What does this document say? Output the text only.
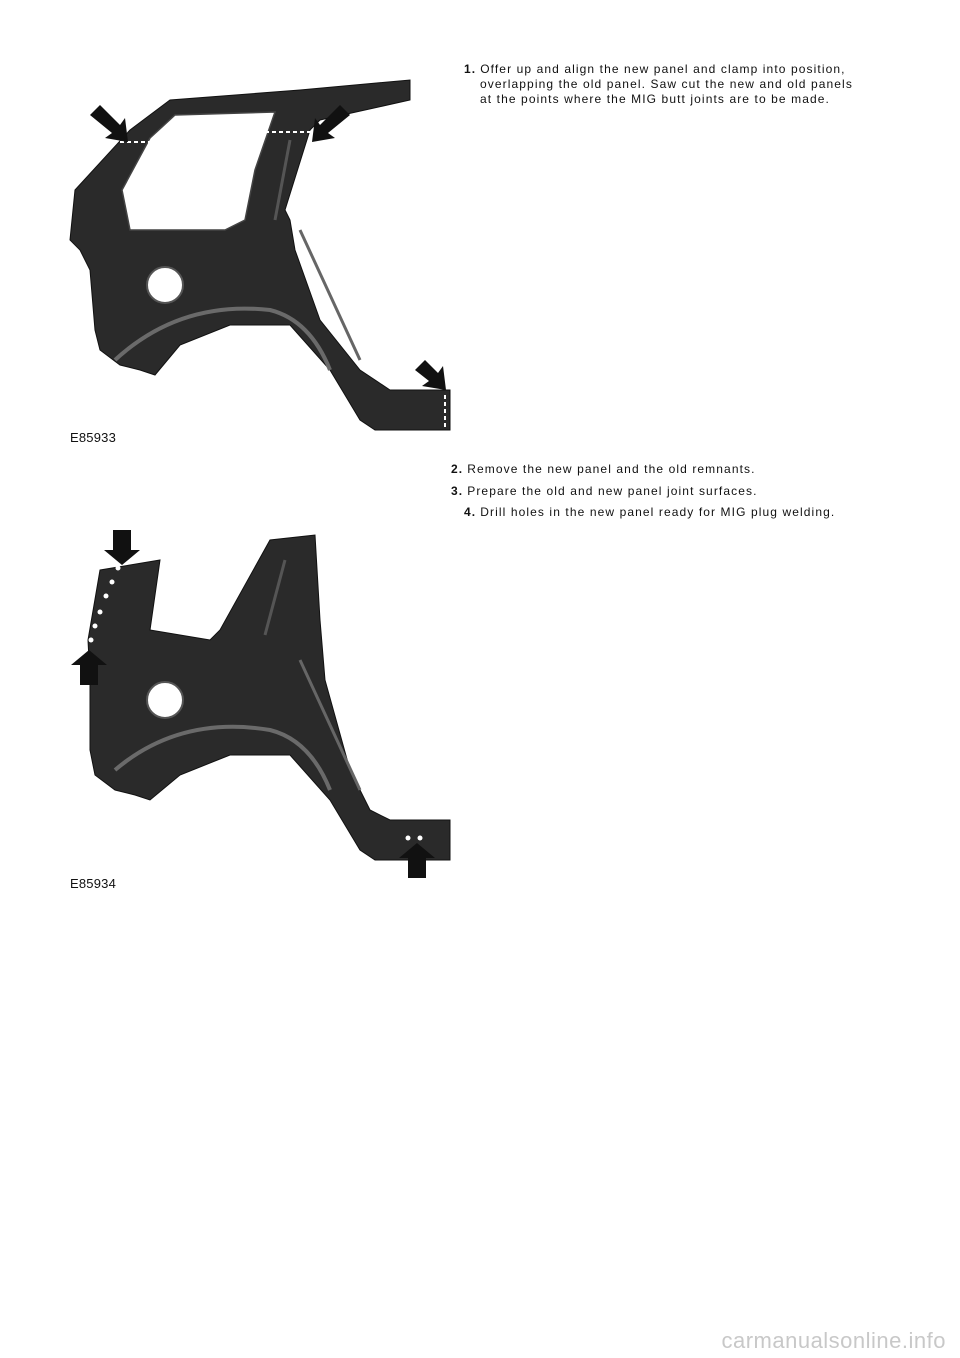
E85933
1. Offer up and align the new panel and clamp into position,
overlapping the old panel. Saw cut the new and old panels
at the points where the MIG butt joints are to be made.
2. Remove the new panel and the old remnants.
3. Prepare the old and new panel joint surfaces.
4. Drill holes in the new panel ready for MIG plug welding.
E85934
carmanualsonline.info
